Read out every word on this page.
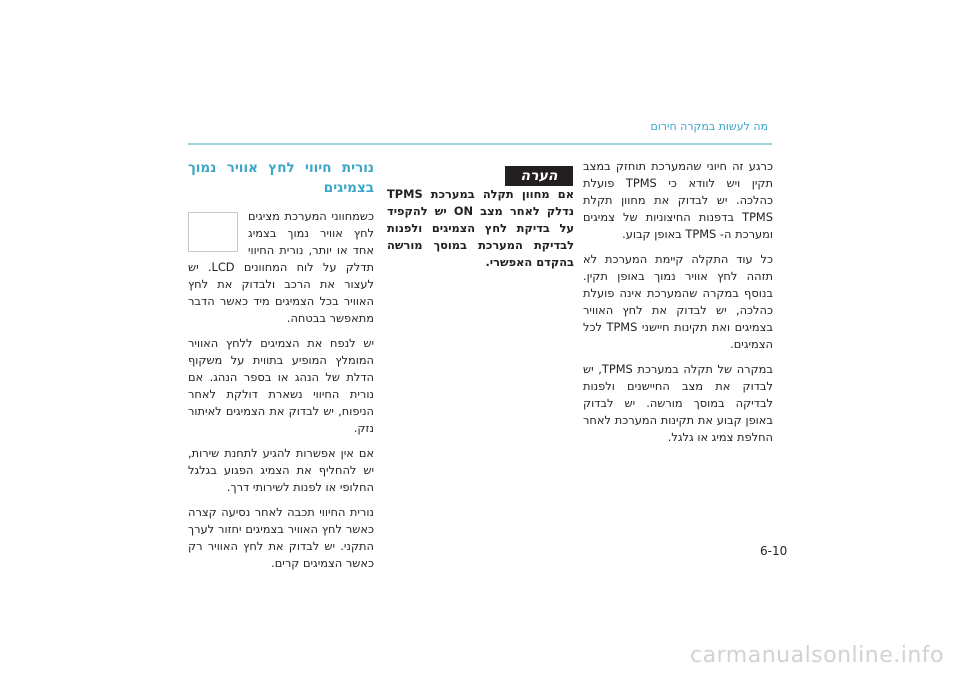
מה לעשות במקרה חירום

כרגע זה חיוני שהמערכת תוחזק במצב תקין ויש לוודא כי TPMS פועלת כהלכה. יש לבדוק את מחוון תקלת TPMS בדפנות החיצוניות של צמיגים ומערכת ה- TPMS באופן קבוע.

כל עוד התקלה קיימת המערכת לא תזהה לחץ אוויר נמוך באופן תקין. בנוסף במקרה שהמערכת אינה פועלת כהלכה, יש לבדוק את לחץ האוויר בצמיגים ואת תקינות חיישני TPMS לכל הצמיגים.

במקרה של תקלה במערכת TPMS, יש לבדוק את מצב החיישנים ולפנות לבדיקה במוסך מורשה. יש לבדוק באופן קבוע את תקינות המערכת לאחר החלפת צמיג או גלגל.

הערה

אם מחוון תקלה במערכת TPMS נדלק לאחר מצב ON יש להקפיד על בדיקת לחץ הצמיגים ולפנות לבדיקת המערכת במוסך מורשה בהקדם האפשרי.

נורית חיווי לחץ אוויר נמוך בצמיגים

כשמחווני המערכת מציגים לחץ אוויר נמוך בצמיג אחד או יותר, נורית החיווי תדלק על לוח המחוונים LCD. יש לעצור את הרכב ולבדוק את לחץ האוויר בכל הצמיגים מיד כאשר הדבר מתאפשר בבטחה.

יש לנפח את הצמיגים ללחץ האוויר המומלץ המופיע בתווית על משקוף הדלת של הנהג או בספר הנהג. אם נורית החיווי נשארת דולקת לאחר הניפוח, יש לבדוק את הצמיגים לאיתור נזק.

אם אין אפשרות להגיע לתחנת שירות, יש להחליף את הצמיג הפגוע בגלגל החלופי או לפנות לשירותי דרך.

נורית החיווי תכבה לאחר נסיעה קצרה כאשר לחץ האוויר בצמיגים יחזור לערך התקני. יש לבדוק את לחץ האוויר רק כאשר הצמיגים קרים.

6-10
carmanualsonline.info
